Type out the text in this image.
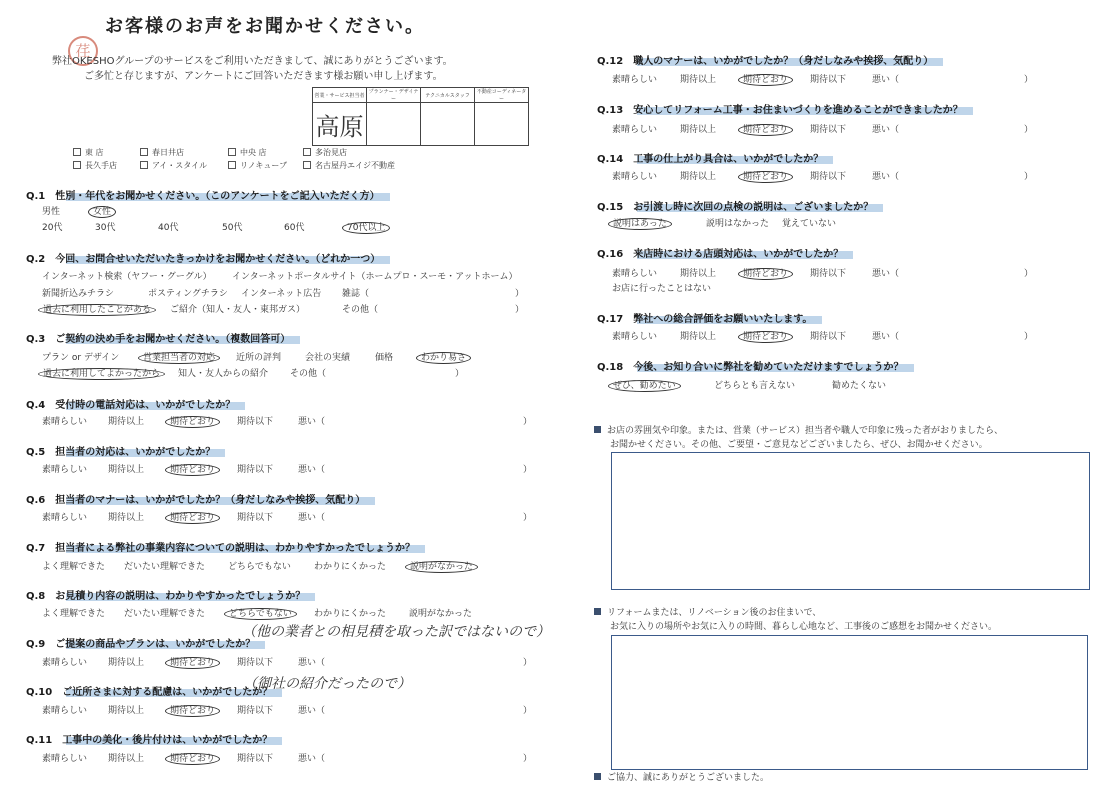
お客様のお声をお聞かせください。
荏
弊社OKESHOグループのサービスをご利用いただきまして、誠にありがとうございます。
ご多忙と存じますが、アンケートにご回答いただきます様お願い申し上げます。
営業・サービス担当者	プランナー・デザイナー	テクニカルスタッフ	不動産コーディネーター
高原			
東 店	春日井店	中央 店	多治見店
長久手店	アイ・スタイル	リノキューブ	名古屋丹エイジ不動産
Q.1　性別・年代をお聞かせください。（このアンケートをご記入いただく方）
男性	女性
20代	30代	40代	50代	60代	70代以上
Q.2　今回、お問合せいただいたきっかけをお聞かせください。（どれか一つ）
インターネット検索（ヤフー・グーグル） インターネットポータルサイト（ホームプロ・スーモ・アットホーム）
新聞折込みチラシ	ポスティングチラシ インターネット広告 雑誌（	）
過去に利用したことがある ご紹介（知人・友人・東邦ガス）	その他（	）
Q.3　ご契約の決め手をお聞かせください。（複数回答可）
プラン or デザイン	営業担当者の対応 近所の評判	会社の実績	価格	わかり易さ
過去に利用してよかったから 知人・友人からの紹介 その他（	）
Q.4　受付時の電話対応は、いかがでしたか？
素晴らしい 期待以上	期待どおり 期待以下	悪い（	）
Q.5　担当者の対応は、いかがでしたか？
素晴らしい 期待以上	期待どおり 期待以下	悪い（	）
Q.6　担当者のマナーは、いかがでしたか？（身だしなみや挨拶、気配り）
素晴らしい 期待以上	期待どおり 期待以下	悪い（	）
Q.7　担当者による弊社の事業内容についての説明は、わかりやすかったでしょうか？
よく理解できた だいたい理解できた	どちらでもない	わかりにくかった	説明がなかった
Q.8　お見積り内容の説明は、わかりやすかったでしょうか？
よく理解できた だいたい理解できた	どちらでもない わかりにくかった	説明がなかった
Q.9　ご提案の商品やプランは、いかがでしたか？
素晴らしい 期待以上	期待どおり 期待以下	悪い（	）
Q.10　ご近所さまに対する配慮は、いかがでしたか？
素晴らしい 期待以上	期待どおり 期待以下	悪い（	）
Q.11　工事中の美化・後片付けは、いかがでしたか？
素晴らしい 期待以上	期待どおり 期待以下	悪い（	）
Q.12　職人のマナーは、いかがでしたか？（身だしなみや挨拶、気配り）
素晴らしい	期待以上	期待どおり 期待以下	悪い（	）
Q.13　安心してリフォーム工事・お住まいづくりを進めることができましたか？
素晴らしい	期待以上	期待どおり 期待以下	悪い（	）
Q.14　工事の仕上がり具合は、いかがでしたか？
素晴らしい	期待以上	期待どおり 期待以下	悪い（	）
Q.15　お引渡し時に次回の点検の説明は、ございましたか？
説明はあった	説明はなかった 覚えていない
Q.16　来店時における店頭対応は、いかがでしたか？
素晴らしい	期待以上	期待どおり 期待以下	悪い（	）
お店に行ったことはない
Q.17　弊社への総合評価をお願いいたします。
素晴らしい	期待以上	期待どおり 期待以下	悪い（	）
Q.18　今後、お知り合いに弊社を勧めていただけますでしょうか？
ぜひ、勧めたい	どちらとも言えない	勧めたくない
（他の業者との相見積を取った訳ではないので）
（御社の紹介だったので）
お店の雰囲気や印象。または、営業（サービス）担当者や職人で印象に残った者がおりましたら、
お聞かせください。その他、ご要望・ご意見などございましたら、ぜひ、お聞かせください。
リフォームまたは、リノベーション後のお住まいで、
お気に入りの場所やお気に入りの時間、暮らし心地など、工事後のご感想をお聞かせください。
ご協力、誠にありがとうございました。
